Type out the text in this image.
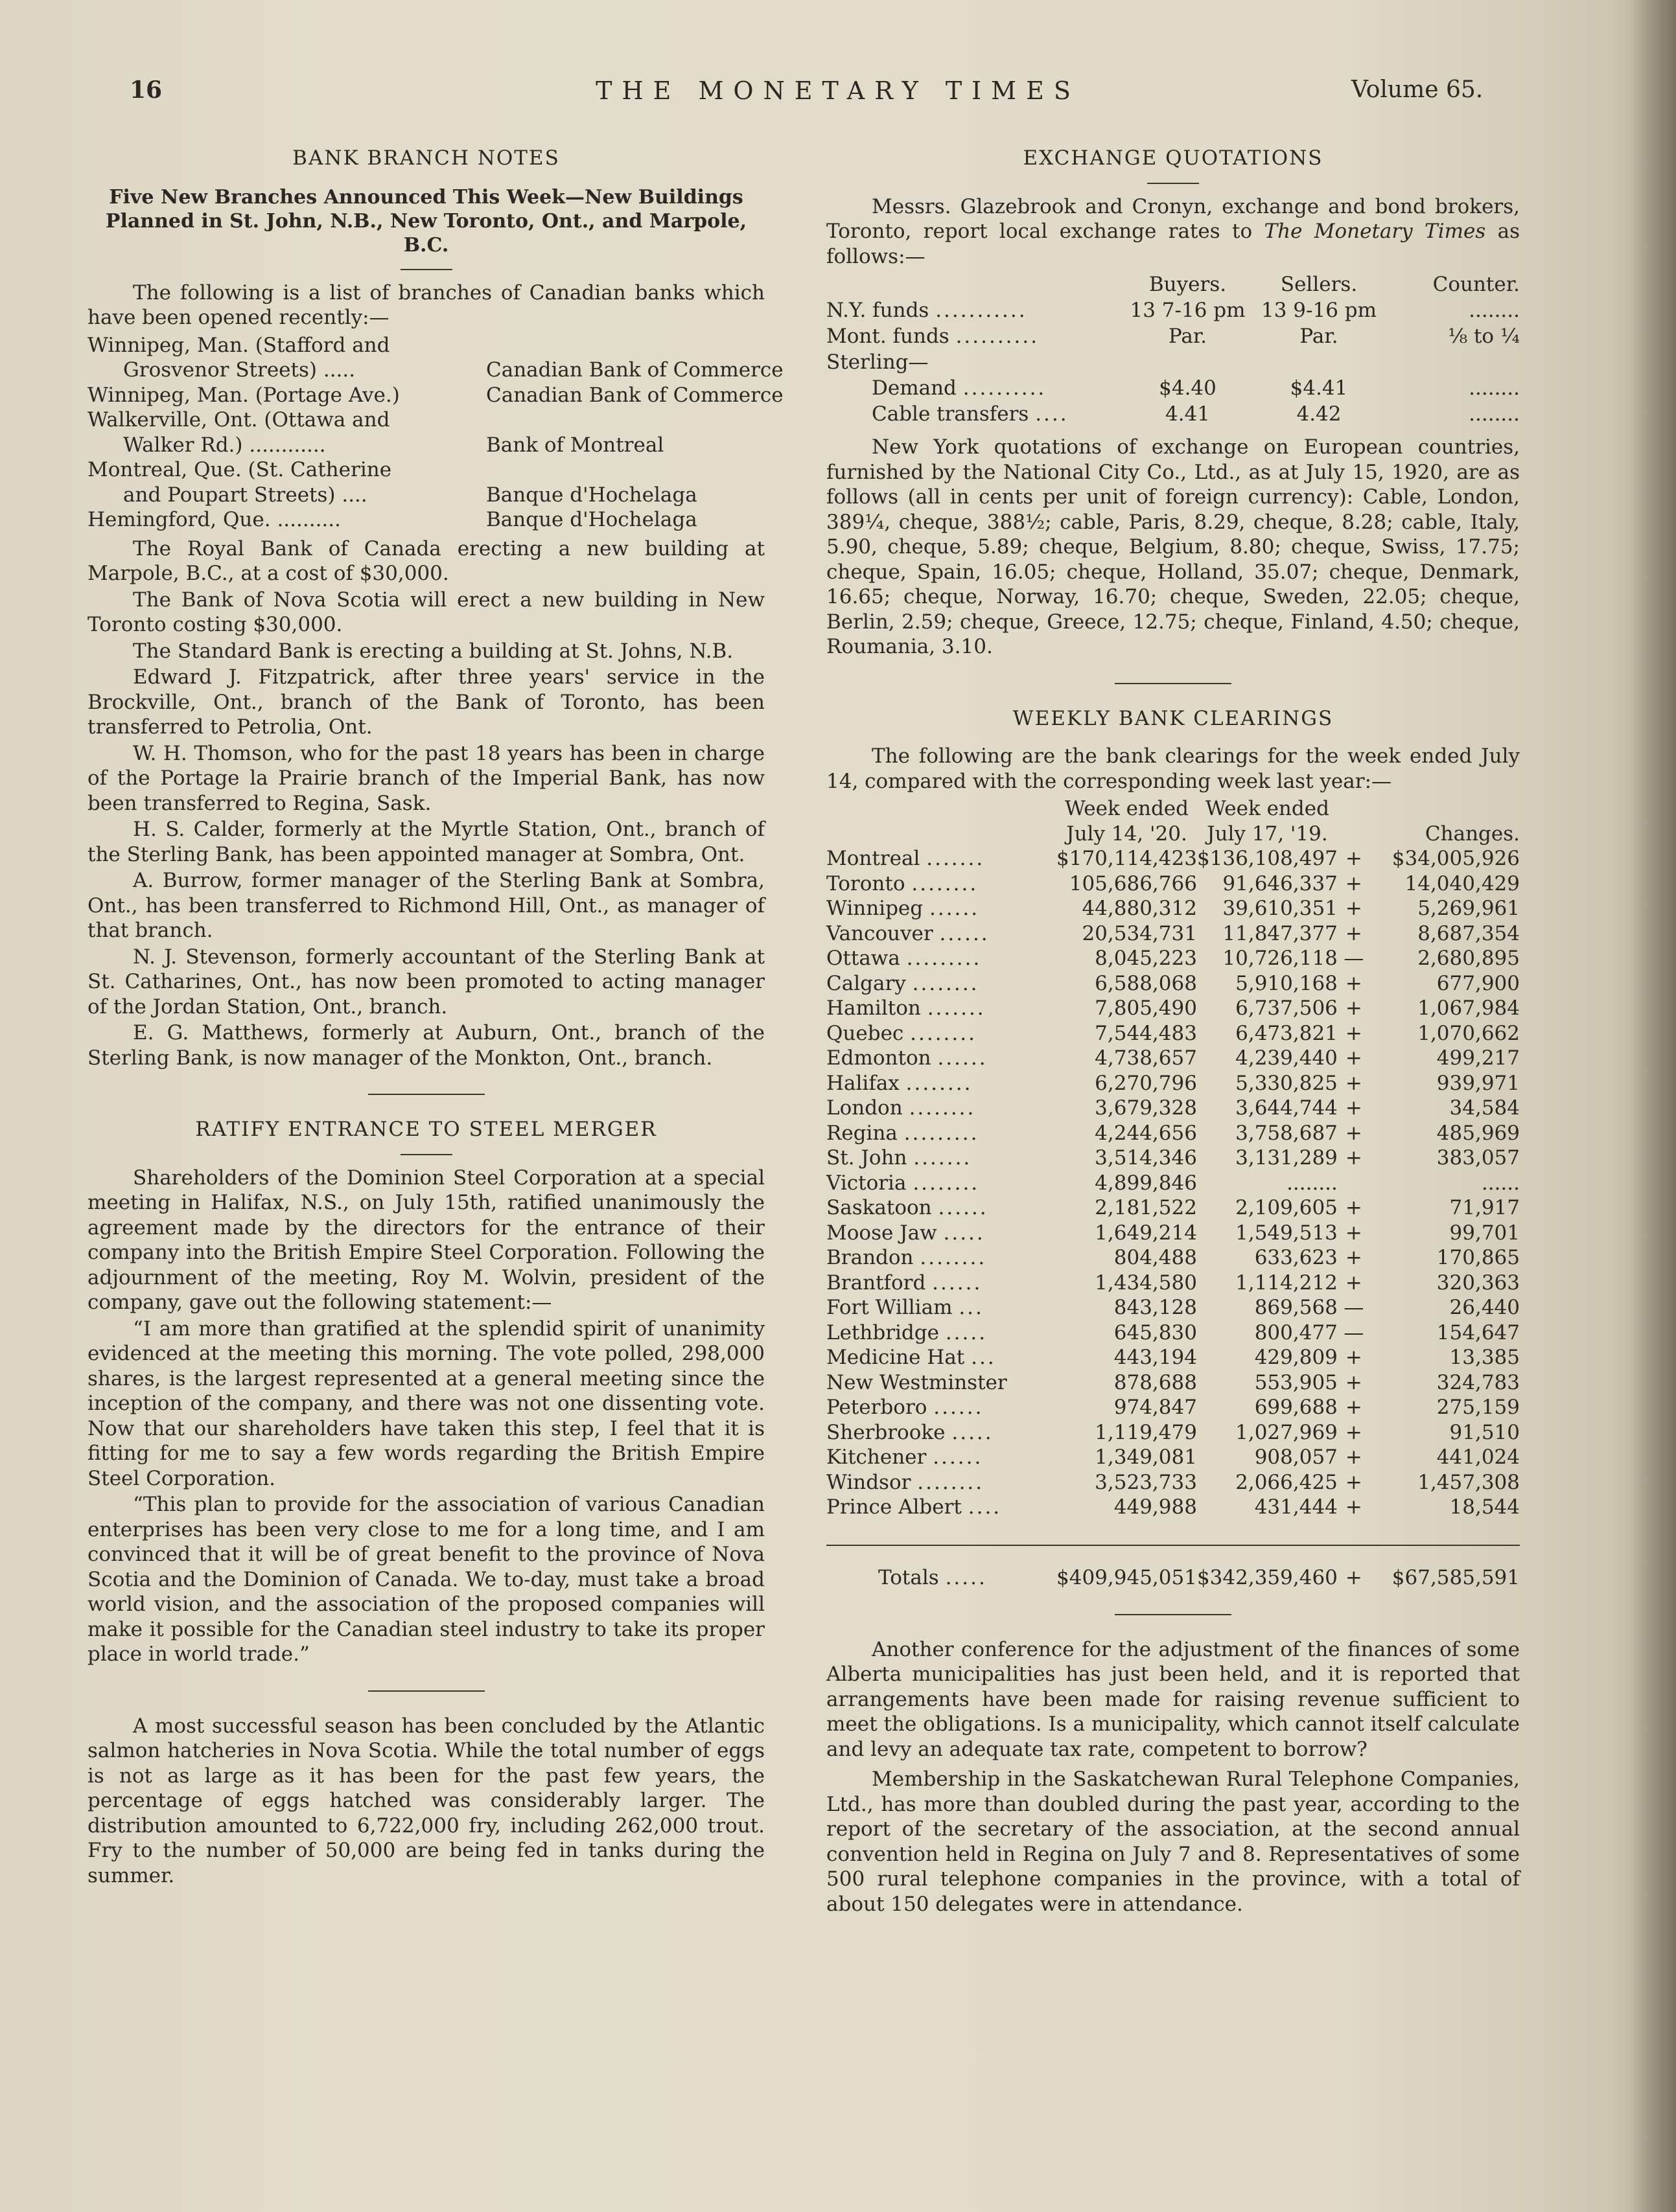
16	THE MONETARY TIMES	Volume 65.
BANK BRANCH NOTES
Five New Branches Announced This Week—New Buildings Planned in St. John, N.B., New Toronto, Ont., and Marpole, B.C.
The following is a list of branches of Canadian banks which have been opened recently:—
Winnipeg, Man. (Stafford and
Grosvenor Streets) .....	Canadian Bank of Commerce
Winnipeg, Man. (Portage Ave.)	Canadian Bank of Commerce
Walkerville, Ont. (Ottawa and
Walker Rd.) ............	Bank of Montreal
Montreal, Que. (St. Catherine
and Poupart Streets) ....	Banque d'Hochelaga
Hemingford, Que. ..........	Banque d'Hochelaga
The Royal Bank of Canada erecting a new building at Marpole, B.C., at a cost of $30,000.
The Bank of Nova Scotia will erect a new building in New Toronto costing $30,000.
The Standard Bank is erecting a building at St. Johns, N.B.
Edward J. Fitzpatrick, after three years' service in the Brockville, Ont., branch of the Bank of Toronto, has been transferred to Petrolia, Ont.
W. H. Thomson, who for the past 18 years has been in charge of the Portage la Prairie branch of the Imperial Bank, has now been transferred to Regina, Sask.
H. S. Calder, formerly at the Myrtle Station, Ont., branch of the Sterling Bank, has been appointed manager at Sombra, Ont.
A. Burrow, former manager of the Sterling Bank at Sombra, Ont., has been transferred to Richmond Hill, Ont., as manager of that branch.
N. J. Stevenson, formerly accountant of the Sterling Bank at St. Catharines, Ont., has now been promoted to acting manager of the Jordan Station, Ont., branch.
E. G. Matthews, formerly at Auburn, Ont., branch of the Sterling Bank, is now manager of the Monkton, Ont., branch.
RATIFY ENTRANCE TO STEEL MERGER
Shareholders of the Dominion Steel Corporation at a special meeting in Halifax, N.S., on July 15th, ratified unanimously the agreement made by the directors for the entrance of their company into the British Empire Steel Corporation. Following the adjournment of the meeting, Roy M. Wolvin, president of the company, gave out the following statement:—
“I am more than gratified at the splendid spirit of unanimity evidenced at the meeting this morning. The vote polled, 298,000 shares, is the largest represented at a general meeting since the inception of the company, and there was not one dissenting vote. Now that our shareholders have taken this step, I feel that it is fitting for me to say a few words regarding the British Empire Steel Corporation.
“This plan to provide for the association of various Canadian enterprises has been very close to me for a long time, and I am convinced that it will be of great benefit to the province of Nova Scotia and the Dominion of Canada. We to-day, must take a broad world vision, and the association of the proposed companies will make it possible for the Canadian steel industry to take its proper place in world trade.”
A most successful season has been concluded by the Atlantic salmon hatcheries in Nova Scotia. While the total number of eggs is not as large as it has been for the past few years, the percentage of eggs hatched was considerably larger. The distribution amounted to 6,722,000 fry, including 262,000 trout. Fry to the number of 50,000 are being fed in tanks during the summer.
EXCHANGE QUOTATIONS
Messrs. Glazebrook and Cronyn, exchange and bond brokers, Toronto, report local exchange rates to The Monetary Times as follows:—
	Buyers.	Sellers.	Counter.
N.Y. funds ...........	13 7-16 pm	13 9-16 pm	........
Mont. funds ..........	Par.	Par.	⅛ to ¼
Sterling—			
Demand ..........	$4.40	$4.41	........
Cable transfers ....	4.41	4.42	........
New York quotations of exchange on European countries, furnished by the National City Co., Ltd., as at July 15, 1920, are as follows (all in cents per unit of foreign currency): Cable, London, 389¼, cheque, 388½; cable, Paris, 8.29, cheque, 8.28; cable, Italy, 5.90, cheque, 5.89; cheque, Belgium, 8.80; cheque, Swiss, 17.75; cheque, Spain, 16.05; cheque, Holland, 35.07; cheque, Denmark, 16.65; cheque, Norway, 16.70; cheque, Sweden, 22.05; cheque, Berlin, 2.59; cheque, Greece, 12.75; cheque, Finland, 4.50; cheque, Roumania, 3.10.
WEEKLY BANK CLEARINGS
The following are the bank clearings for the week ended July 14, compared with the corresponding week last year:—
	Week ended	Week ended		
	July 14, '20.	July 17, '19.		Changes.
Montreal .......	$170,114,423	$136,108,497	+	$34,005,926
Toronto ........	105,686,766	91,646,337	+	14,040,429
Winnipeg ......	44,880,312	39,610,351	+	5,269,961
Vancouver ......	20,534,731	11,847,377	+	8,687,354
Ottawa .........	8,045,223	10,726,118	—	2,680,895
Calgary ........	6,588,068	5,910,168	+	677,900
Hamilton .......	7,805,490	6,737,506	+	1,067,984
Quebec ........	7,544,483	6,473,821	+	1,070,662
Edmonton ......	4,738,657	4,239,440	+	499,217
Halifax ........	6,270,796	5,330,825	+	939,971
London ........	3,679,328	3,644,744	+	34,584
Regina .........	4,244,656	3,758,687	+	485,969
St. John .......	3,514,346	3,131,289	+	383,057
Victoria ........	4,899,846	........		......
Saskatoon ......	2,181,522	2,109,605	+	71,917
Moose Jaw .....	1,649,214	1,549,513	+	99,701
Brandon ........	804,488	633,623	+	170,865
Brantford ......	1,434,580	1,114,212	+	320,363
Fort William ...	843,128	869,568	—	26,440
Lethbridge .....	645,830	800,477	—	154,647
Medicine Hat ...	443,194	429,809	+	13,385
New Westminster	878,688	553,905	+	324,783
Peterboro ......	974,847	699,688	+	275,159
Sherbrooke .....	1,119,479	1,027,969	+	91,510
Kitchener ......	1,349,081	908,057	+	441,024
Windsor ........	3,523,733	2,066,425	+	1,457,308
Prince Albert ....	449,988	431,444	+	18,544

Totals .....	$409,945,051	$342,359,460	+	$67,585,591
Another conference for the adjustment of the finances of some Alberta municipalities has just been held, and it is reported that arrangements have been made for raising revenue sufficient to meet the obligations. Is a municipality, which cannot itself calculate and levy an adequate tax rate, competent to borrow?
Membership in the Saskatchewan Rural Telephone Companies, Ltd., has more than doubled during the past year, according to the report of the secretary of the association, at the second annual convention held in Regina on July 7 and 8. Representatives of some 500 rural telephone companies in the province, with a total of about 150 delegates were in attendance.
